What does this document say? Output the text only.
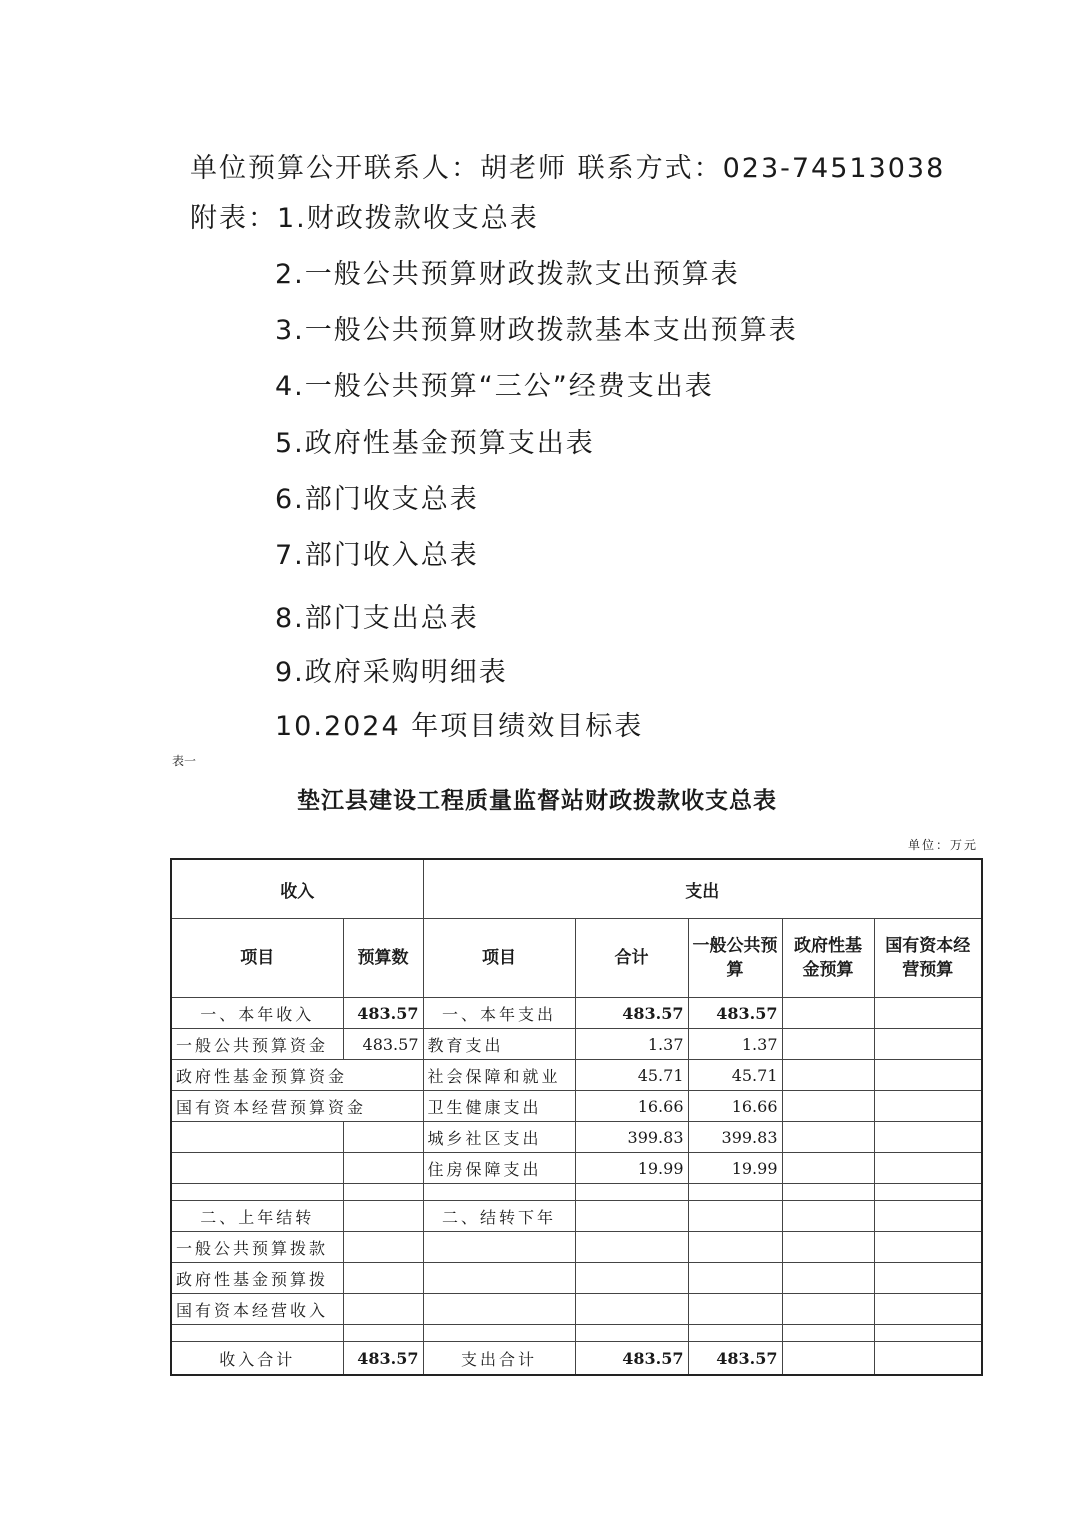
单位预算公开联系人：胡老师 联系方式：023-74513038
附表：1.财政拨款收支总表
2.一般公共预算财政拨款支出预算表
3.一般公共预算财政拨款基本支出预算表
4.一般公共预算“三公”经费支出表
5.政府性基金预算支出表
6.部门收支总表
7.部门收入总表
8.部门支出总表
9.政府采购明细表
10.2024 年项目绩效目标表
表一
垫江县建设工程质量监督站财政拨款收支总表
单位：万元
收入		支出				
项目	预算数	项目	合计	一般公共预算	政府性基金预算	国有资本经营预算
一、本年收入	483.57	一、本年支出	483.57	483.57		
一般公共预算资金	483.57	教育支出	1.37	1.37		
政府性基金预算资金		社会保障和就业	45.71	45.71		
国有资本经营预算资金		卫生健康支出	16.66	16.66		
		城乡社区支出	399.83	399.83		
		住房保障支出	19.99	19.99		

二、上年结转		二、结转下年				
一般公共预算拨款						
政府性基金预算拨						
国有资本经营收入						

收入合计	483.57	支出合计	483.57	483.57		
